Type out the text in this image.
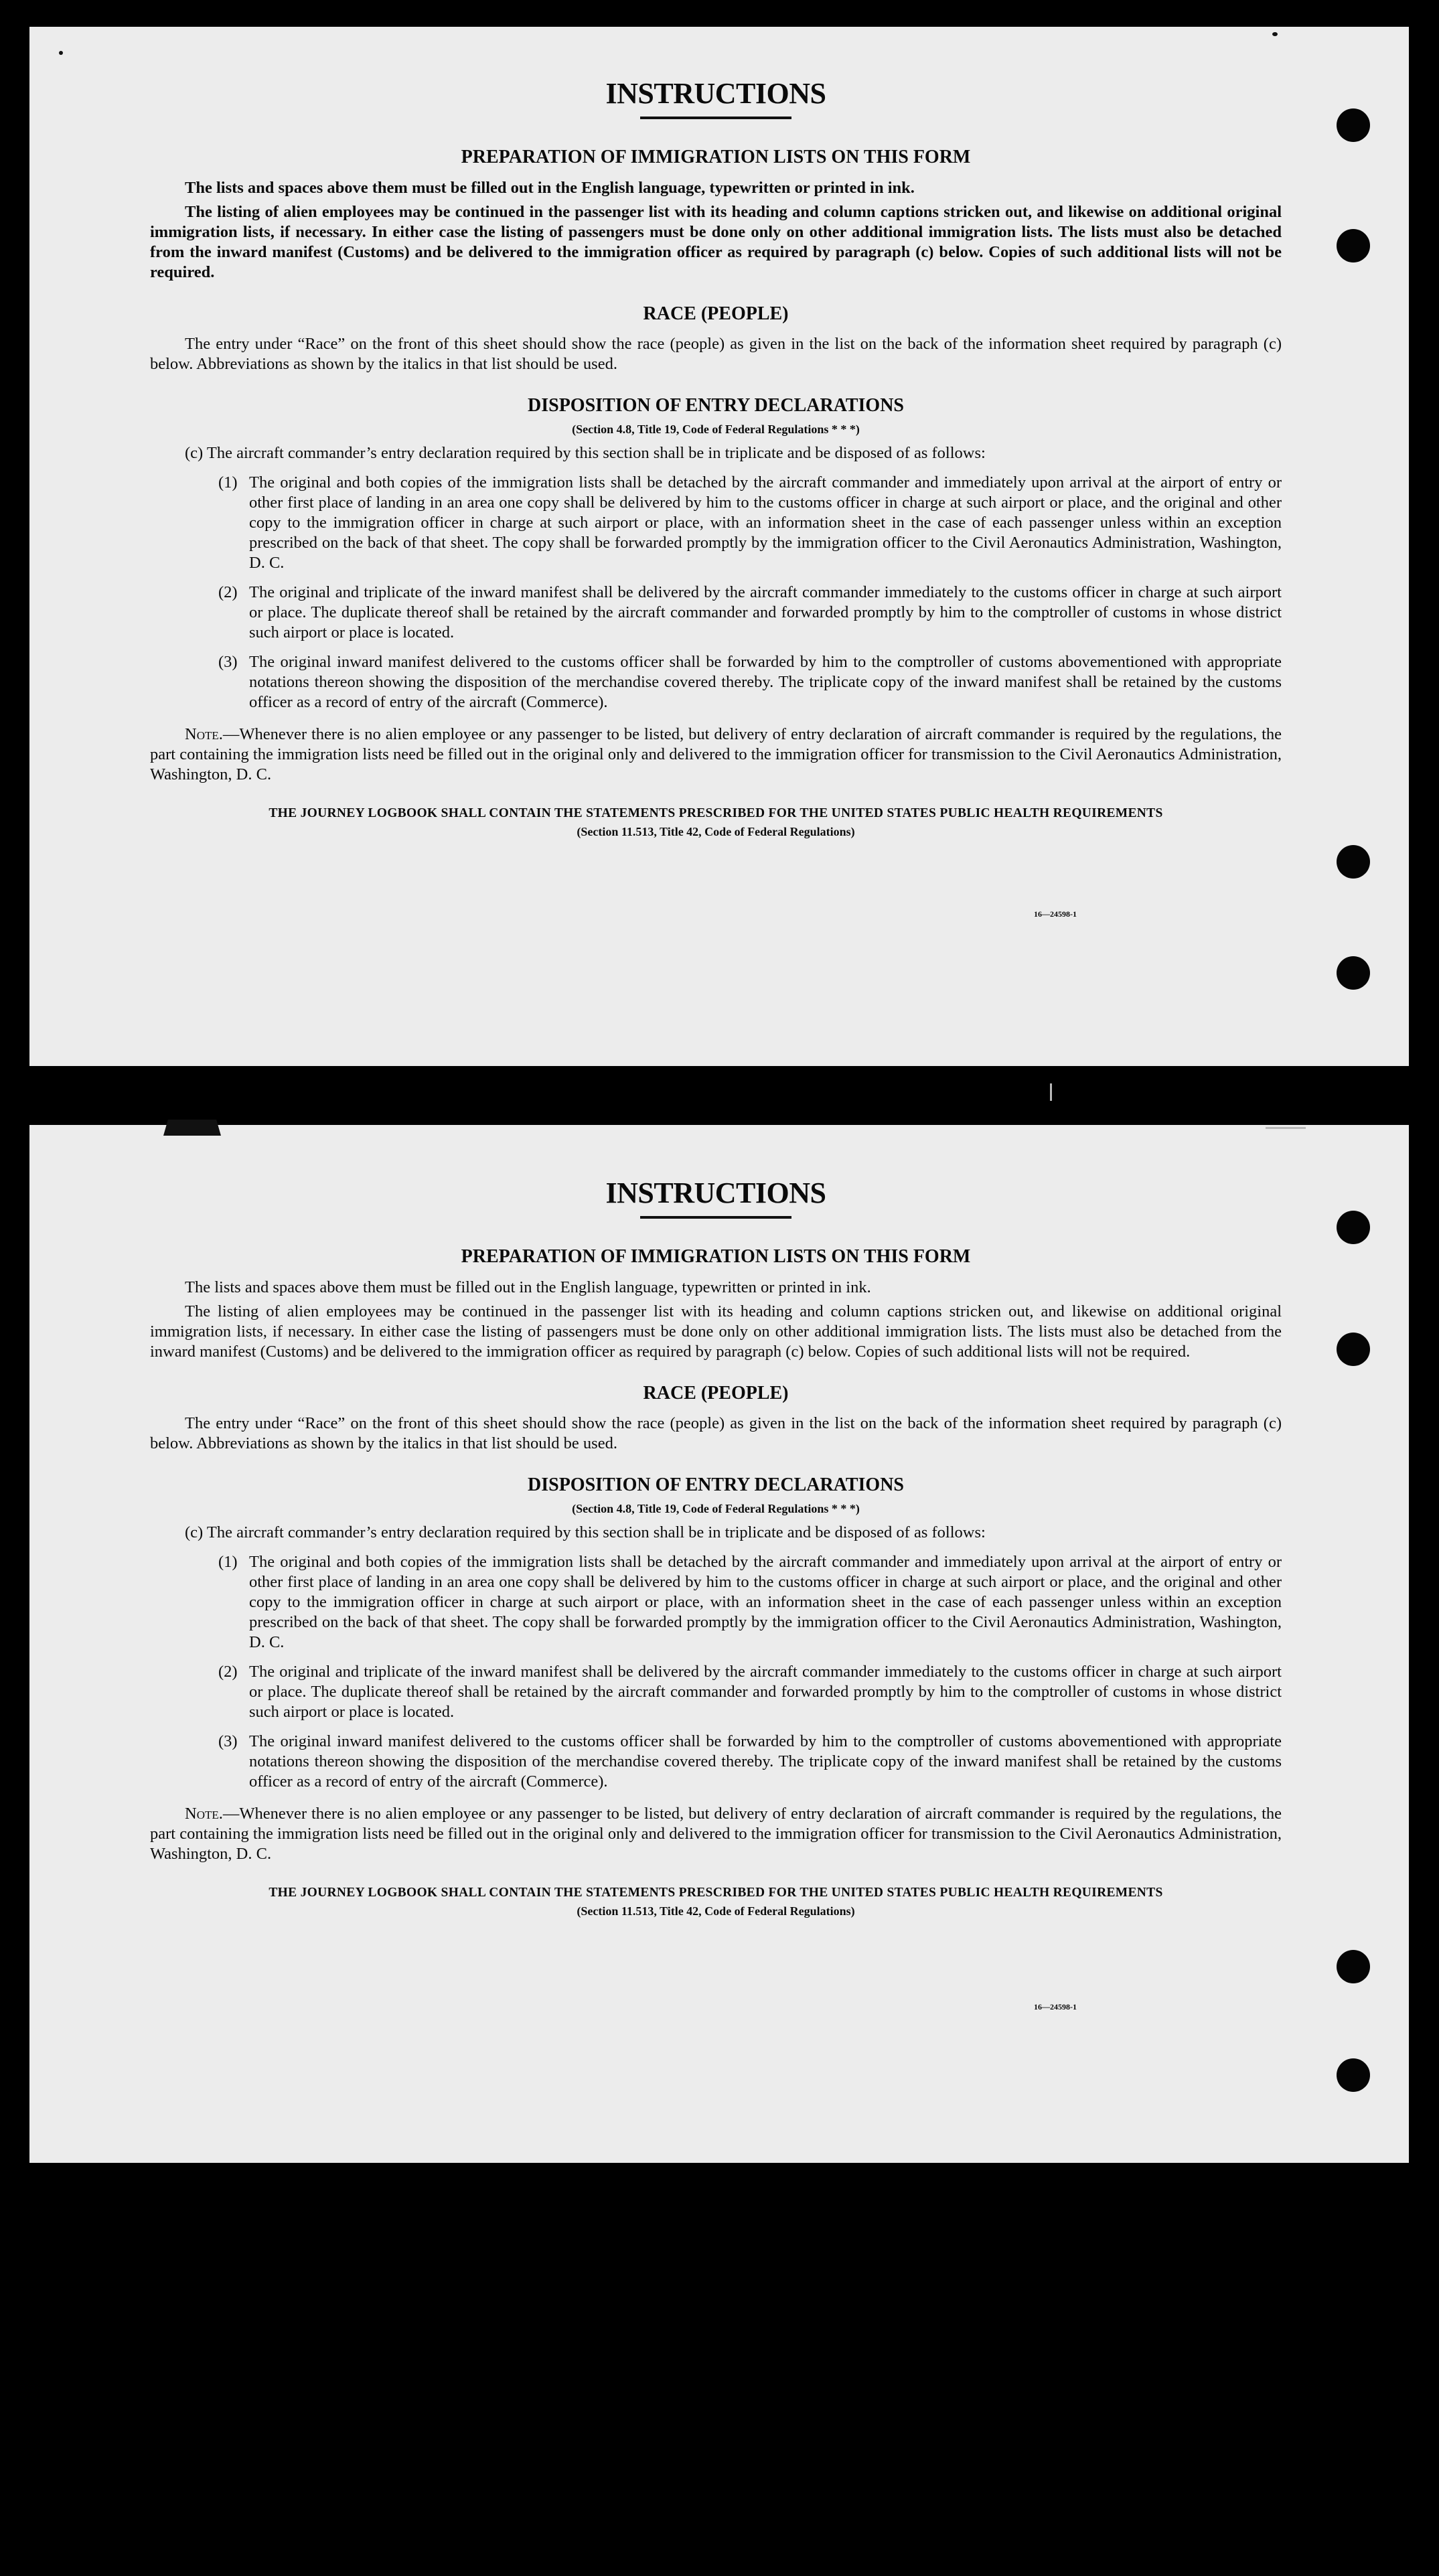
INSTRUCTIONS
PREPARATION OF IMMIGRATION LISTS ON THIS FORM

The lists and spaces above them must be filled out in the English language, typewritten or printed in ink.

The listing of alien employees may be continued in the passenger list with its heading and column captions stricken out, and likewise on additional original immigration lists, if necessary. In either case the listing of passengers must be done only on other additional immigration lists. The lists must also be detached from the inward manifest (Customs) and be delivered to the immigration officer as required by paragraph (c) below. Copies of such additional lists will not be required.

RACE (PEOPLE)

The entry under “Race” on the front of this sheet should show the race (people) as given in the list on the back of the information sheet required by paragraph (c) below. Abbreviations as shown by the italics in that list should be used.

DISPOSITION OF ENTRY DECLARATIONS
(Section 4.8, Title 19, Code of Federal Regulations * * *)
(c) The aircraft commander’s entry declaration required by this section shall be in triplicate and be disposed of as follows:
(1) The original and both copies of the immigration lists shall be detached by the aircraft commander and immediately upon arrival at the airport of entry or other first place of landing in an area one copy shall be delivered by him to the customs officer in charge at such airport or place, and the original and other copy to the immigration officer in charge at such airport or place, with an information sheet in the case of each passenger unless within an exception prescribed on the back of that sheet. The copy shall be forwarded promptly by the immigration officer to the Civil Aeronautics Administration, Washington, D. C.
(2) The original and triplicate of the inward manifest shall be delivered by the aircraft commander immediately to the customs officer in charge at such airport or place. The duplicate thereof shall be retained by the aircraft commander and forwarded promptly by him to the comptroller of customs in whose district such airport or place is located.
(3) The original inward manifest delivered to the customs officer shall be forwarded by him to the comptroller of customs abovementioned with appropriate notations thereon showing the disposition of the merchandise covered thereby. The triplicate copy of the inward manifest shall be retained by the customs officer as a record of entry of the aircraft (Commerce).

Note.—Whenever there is no alien employee or any passenger to be listed, but delivery of entry declaration of aircraft commander is required by the regulations, the part containing the immigration lists need be filled out in the original only and delivered to the immigration officer for transmission to the Civil Aeronautics Administration, Washington, D. C.

THE JOURNEY LOGBOOK SHALL CONTAIN THE STATEMENTS PRESCRIBED FOR THE UNITED STATES PUBLIC HEALTH REQUIREMENTS
(Section 11.513, Title 42, Code of Federal Regulations)
16—24598-1
INSTRUCTIONS
PREPARATION OF IMMIGRATION LISTS ON THIS FORM

The lists and spaces above them must be filled out in the English language, typewritten or printed in ink.

The listing of alien employees may be continued in the passenger list with its heading and column captions stricken out, and likewise on additional original immigration lists, if necessary. In either case the listing of passengers must be done only on other additional immigration lists. The lists must also be detached from the inward manifest (Customs) and be delivered to the immigration officer as required by paragraph (c) below. Copies of such additional lists will not be required.

RACE (PEOPLE)

The entry under “Race” on the front of this sheet should show the race (people) as given in the list on the back of the information sheet required by paragraph (c) below. Abbreviations as shown by the italics in that list should be used.

DISPOSITION OF ENTRY DECLARATIONS
(Section 4.8, Title 19, Code of Federal Regulations * * *)
(c) The aircraft commander’s entry declaration required by this section shall be in triplicate and be disposed of as follows:
(1) The original and both copies of the immigration lists shall be detached by the aircraft commander and immediately upon arrival at the airport of entry or other first place of landing in an area one copy shall be delivered by him to the customs officer in charge at such airport or place, and the original and other copy to the immigration officer in charge at such airport or place, with an information sheet in the case of each passenger unless within an exception prescribed on the back of that sheet. The copy shall be forwarded promptly by the immigration officer to the Civil Aeronautics Administration, Washington, D. C.
(2) The original and triplicate of the inward manifest shall be delivered by the aircraft commander immediately to the customs officer in charge at such airport or place. The duplicate thereof shall be retained by the aircraft commander and forwarded promptly by him to the comptroller of customs in whose district such airport or place is located.
(3) The original inward manifest delivered to the customs officer shall be forwarded by him to the comptroller of customs abovementioned with appropriate notations thereon showing the disposition of the merchandise covered thereby. The triplicate copy of the inward manifest shall be retained by the customs officer as a record of entry of the aircraft (Commerce).

Note.—Whenever there is no alien employee or any passenger to be listed, but delivery of entry declaration of aircraft commander is required by the regulations, the part containing the immigration lists need be filled out in the original only and delivered to the immigration officer for transmission to the Civil Aeronautics Administration, Washington, D. C.

THE JOURNEY LOGBOOK SHALL CONTAIN THE STATEMENTS PRESCRIBED FOR THE UNITED STATES PUBLIC HEALTH REQUIREMENTS
(Section 11.513, Title 42, Code of Federal Regulations)
16—24598-1
